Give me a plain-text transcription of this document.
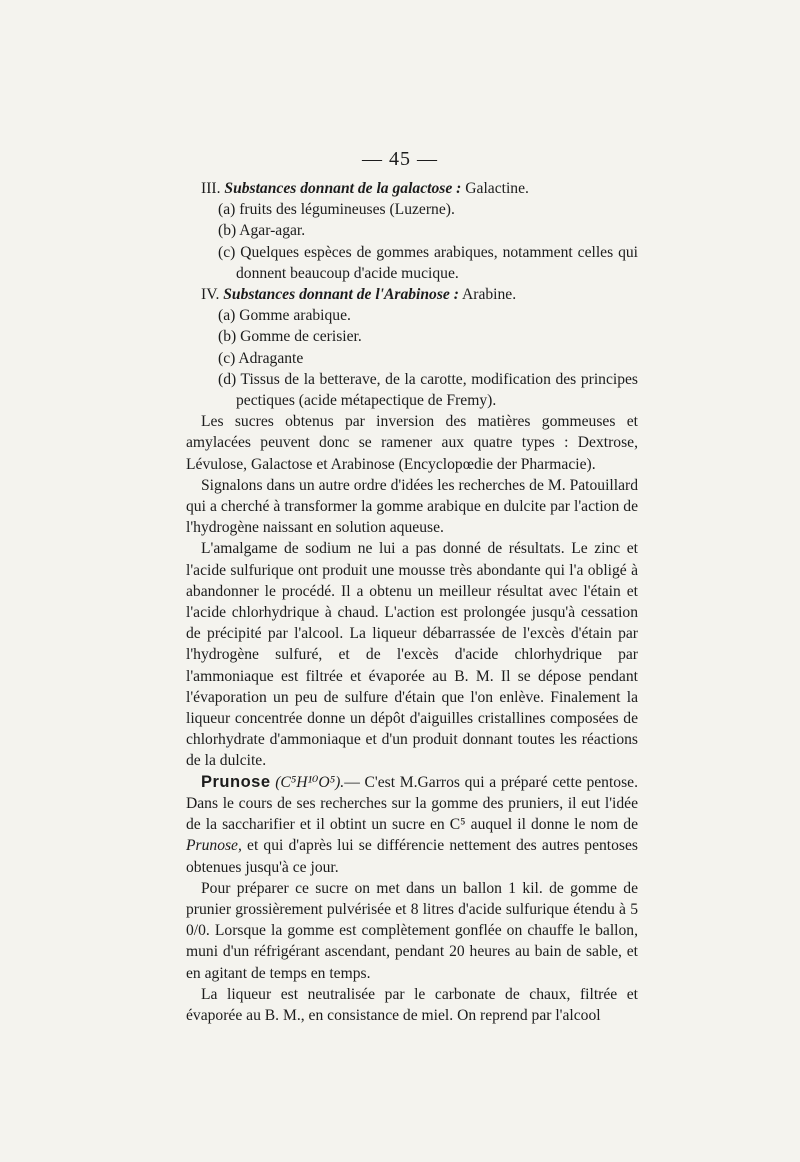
— 45 —

III. Substances donnant de la galactose : Galactine.

(a) fruits des légumineuses (Luzerne).

(b) Agar-agar.

(c) Quelques espèces de gommes arabiques, notamment celles qui donnent beaucoup d'acide mucique.

IV. Substances donnant de l'Arabinose : Arabine.

(a) Gomme arabique.

(b) Gomme de cerisier.

(c) Adragante

(d) Tissus de la betterave, de la carotte, modification des principes pectiques (acide métapectique de Fremy).

Les sucres obtenus par inversion des matières gommeuses et amylacées peuvent donc se ramener aux quatre types : Dextrose, Lévulose, Galactose et Arabinose (Encyclopœdie der Pharmacie).

Signalons dans un autre ordre d'idées les recherches de M. Patouillard qui a cherché à transformer la gomme arabique en dulcite par l'action de l'hydrogène naissant en solution aqueuse.

L'amalgame de sodium ne lui a pas donné de résultats. Le zinc et l'acide sulfurique ont produit une mousse très abondante qui l'a obligé à abandonner le procédé. Il a obtenu un meilleur résultat avec l'étain et l'acide chlorhydrique à chaud. L'action est prolongée jusqu'à cessation de précipité par l'alcool. La liqueur débarrassée de l'excès d'étain par l'hydrogène sulfuré, et de l'excès d'acide chlorhydrique par l'ammoniaque est filtrée et évaporée au B. M. Il se dépose pendant l'évaporation un peu de sulfure d'étain que l'on enlève. Finalement la liqueur concentrée donne un dépôt d'aiguilles cristallines composées de chlorhydrate d'ammoniaque et d'un produit donnant toutes les réactions de la dulcite.

Prunose (C⁵H¹⁰O⁵).— C'est M.Garros qui a préparé cette pentose. Dans le cours de ses recherches sur la gomme des pruniers, il eut l'idée de la saccharifier et il obtint un sucre en C⁵ auquel il donne le nom de Prunose, et qui d'après lui se différencie nettement des autres pentoses obtenues jusqu'à ce jour.

Pour préparer ce sucre on met dans un ballon 1 kil. de gomme de prunier grossièrement pulvérisée et 8 litres d'acide sulfurique étendu à 5 0/0. Lorsque la gomme est complètement gonflée on chauffe le ballon, muni d'un réfrigérant ascendant, pendant 20 heures au bain de sable, et en agitant de temps en temps.

La liqueur est neutralisée par le carbonate de chaux, filtrée et évaporée au B. M., en consistance de miel. On reprend par l'alcool
